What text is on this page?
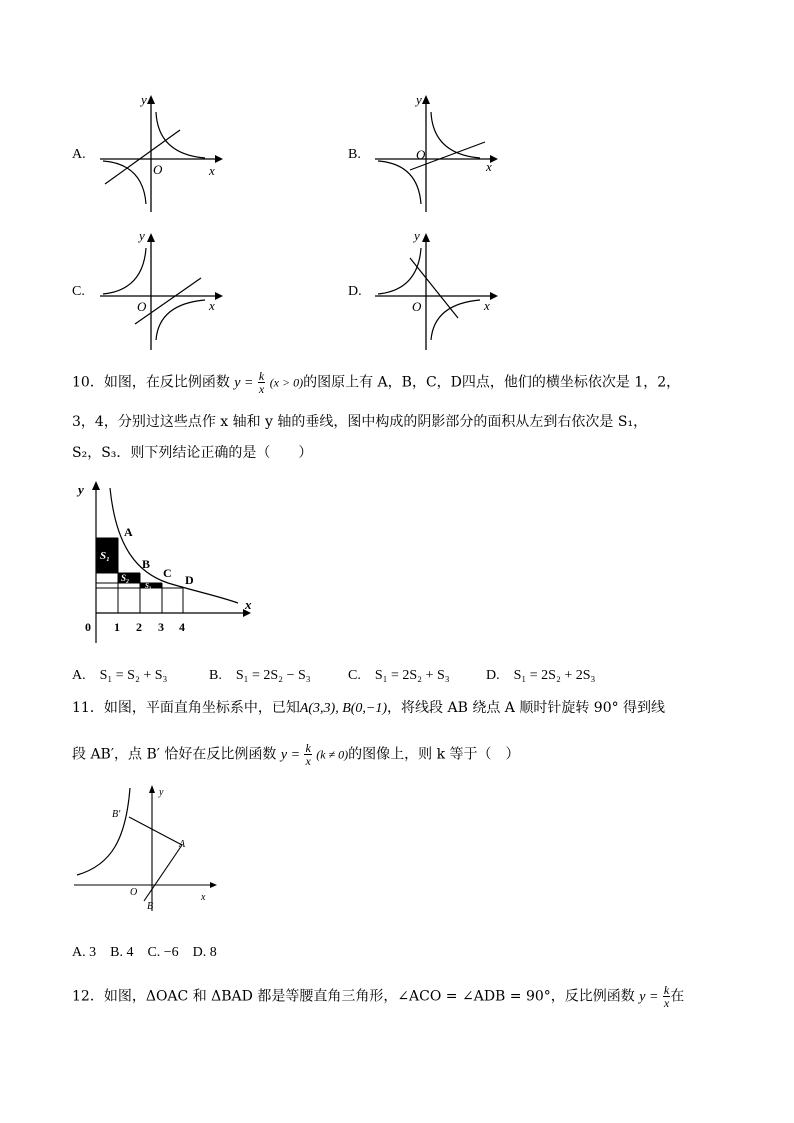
A.
y
O	x
B.
y
O
x
C.
y
O	x
D.
y
O	x
10．如图，在反比例函数 $y = \frac{k}{x} (x > 0)$的图原上有 A，B，C，D四点，他们的横坐标依次是 1，2，
3，4，分别过这些点作 x 轴和 y 轴的垂线，图中构成的阴影部分的面积从左到右依次是 S₁，
S₂，S₃．则下列结论正确的是（　　）
y
x
A
B
C D
S₁
S₂
S₃
0 1 2 3 4
A.　S₁ = S₂ + S₃	B.　S₁ = 2S₂ − S₃	C.　S₁ = 2S₂ + S₃	D.　S₁ = 2S₂ + 2S₃
11．如图，平面直角坐标系中，已知A(3,3), B(0,−1)，将线段 AB 绕点 A 顺时针旋转 90° 得到线
段 AB′，点 B′ 恰好在反比例函数 $y = \frac{k}{x} (k \ne 0)$的图像上，则 k 等于（　）
B'
y
A
O
B
x
A. 3　B. 4　C. −6　D. 8
12．如图，ΔOAC 和 ΔBAD 都是等腰直角三角形，∠ACO = ∠ADB = 90°，反比例函数 $y = \frac{k}{x}$ 在
